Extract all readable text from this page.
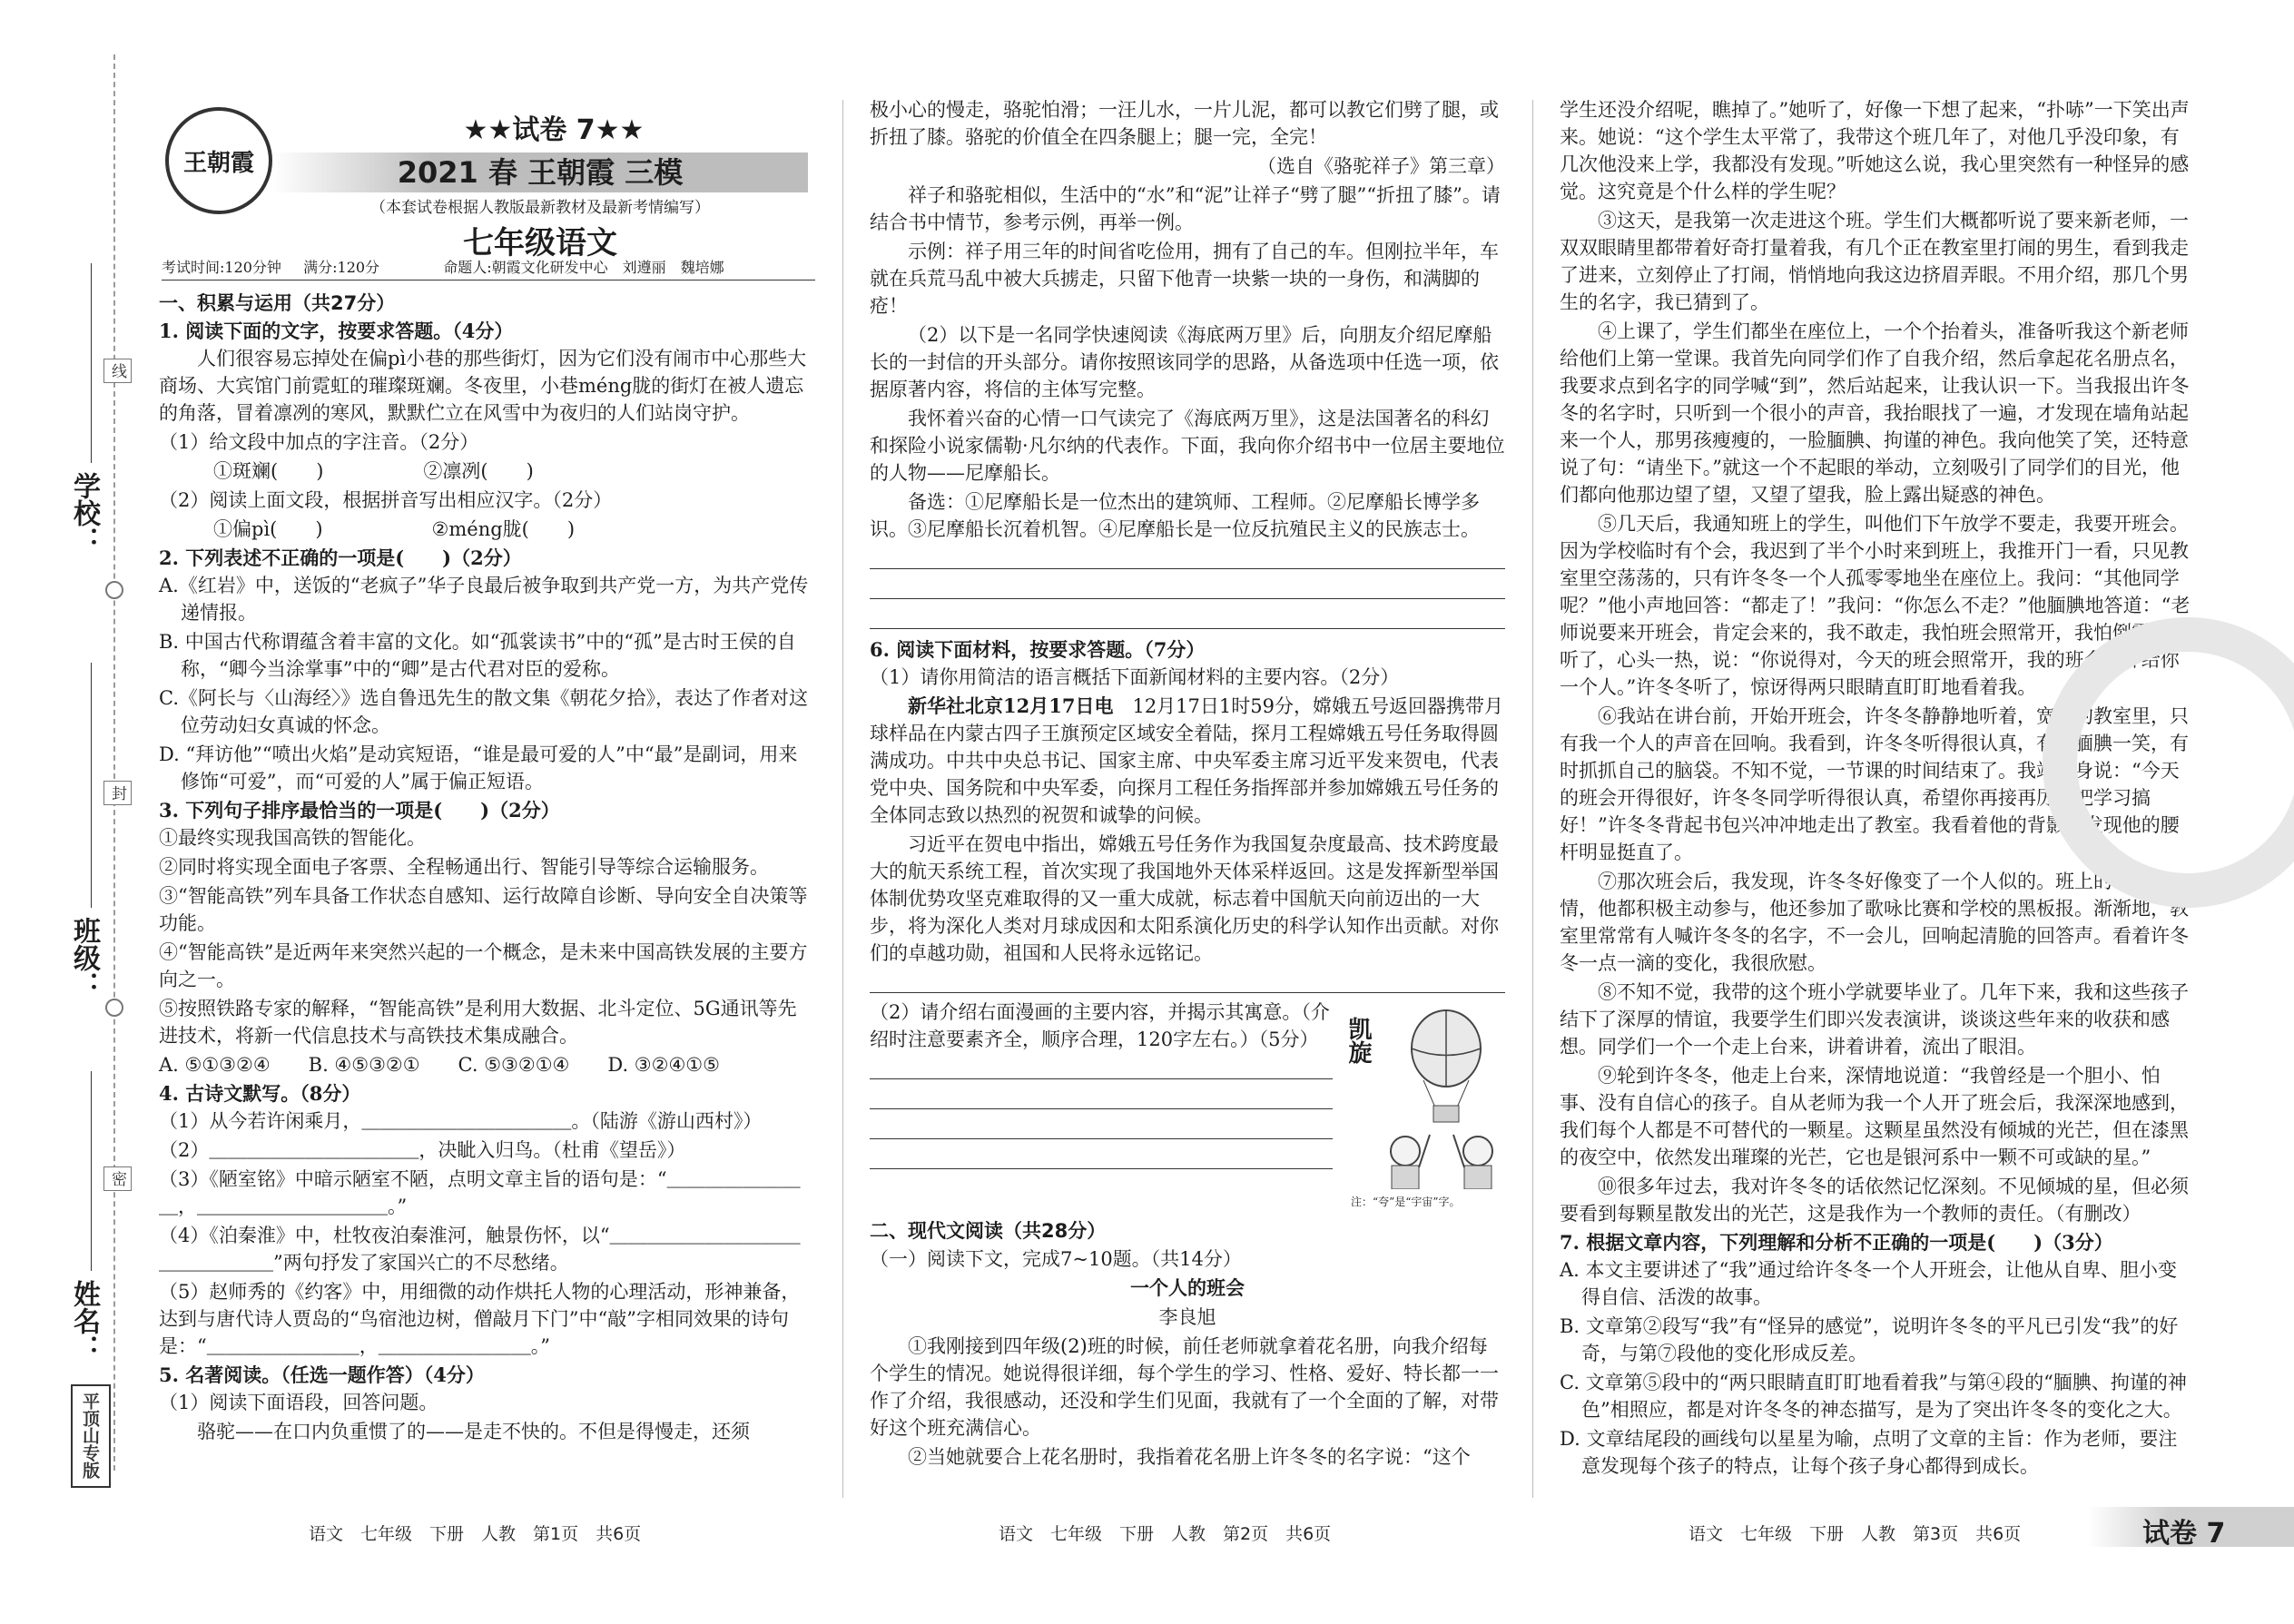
学校：
班级：
姓名：
线
封
密
平顶山专版
王朝霞
★★试卷 7★★
2021 春 王朝霞 三模
（本套试卷根据人教版最新教材及最新考情编写）
七年级语文
考试时间:120分钟 满分:120分	命题人:朝霞文化研发中心　刘遵丽　魏培娜
一、积累与运用（共27分）
1. 阅读下面的文字，按要求答题。（4分）
人们很容易忘掉处在偏pì小巷的那些街灯，因为它们没有闹市中心那些大商场、大宾馆门前霓虹的璀璨斑斓。冬夜里，小巷méng胧的街灯在被人遗忘的角落，冒着凛冽的寒风，默默伫立在风雪中为夜归的人们站岗守护。
（1）给文段中加点的字注音。（2分）
①斑斓(　　)	②凛冽(　　)
（2）阅读上面文段，根据拼音写出相应汉字。（2分）
①偏pì(　　)	②méng胧(　　)
2. 下列表述不正确的一项是(　　)（2分）
A.《红岩》中，送饭的“老疯子”华子良最后被争取到共产党一方，为共产党传递情报。
B. 中国古代称谓蕴含着丰富的文化。如“孤裳读书”中的“孤”是古时王侯的自称，“卿今当涂掌事”中的“卿”是古代君对臣的爱称。
C.《阿长与〈山海经〉》选自鲁迅先生的散文集《朝花夕拾》，表达了作者对这位劳动妇女真诚的怀念。
D. “拜访他”“喷出火焰”是动宾短语，“谁是最可爱的人”中“最”是副词，用来修饰“可爱”，而“可爱的人”属于偏正短语。
3. 下列句子排序最恰当的一项是(　　)（2分）
①最终实现我国高铁的智能化。
②同时将实现全面电子客票、全程畅通出行、智能引导等综合运输服务。
③“智能高铁”列车具备工作状态自感知、运行故障自诊断、导向安全自决策等功能。
④“智能高铁”是近两年来突然兴起的一个概念，是未来中国高铁发展的主要方向之一。
⑤按照铁路专家的解释，“智能高铁”是利用大数据、北斗定位、5G通讯等先进技术，将新一代信息技术与高铁技术集成融合。
A. ⑤①③②④　　B. ④⑤③②①　　C. ⑤③②①④　　D. ③②④①⑤
4. 古诗文默写。（8分）
（1）从今若许闲乘月，＿＿＿＿＿＿＿＿＿＿＿。（陆游《游山西村》）
（2）＿＿＿＿＿＿＿＿＿＿＿，决眦入归鸟。（杜甫《望岳》）
（3）《陋室铭》中暗示陋室不陋，点明文章主旨的语句是：“＿＿＿＿＿＿＿＿，＿＿＿＿＿＿＿＿＿＿。”
（4）《泊秦淮》中，杜牧夜泊秦淮河，触景伤怀，以“＿＿＿＿＿＿＿＿＿＿＿＿＿＿＿＿”两句抒发了家国兴亡的不尽愁绪。
（5）赵师秀的《约客》中，用细微的动作烘托人物的心理活动，形神兼备，达到与唐代诗人贾岛的“鸟宿池边树，僧敲月下门”中“敲”字相同效果的诗句是：“＿＿＿＿＿＿＿＿，＿＿＿＿＿＿＿＿。”
5. 名著阅读。（任选一题作答）（4分）
（1）阅读下面语段，回答问题。
骆驼——在口内负重惯了的——是走不快的。不但是得慢走，还须
极小心的慢走，骆驼怕滑；一汪儿水，一片儿泥，都可以教它们劈了腿，或折扭了膝。骆驼的价值全在四条腿上；腿一完，全完！
（选自《骆驼祥子》第三章）
祥子和骆驼相似，生活中的“水”和“泥”让祥子“劈了腿”“折扭了膝”。请结合书中情节，参考示例，再举一例。
示例：祥子用三年的时间省吃俭用，拥有了自己的车。但刚拉半年，车就在兵荒马乱中被大兵掳走，只留下他青一块紫一块的一身伤，和满脚的疮！
（2）以下是一名同学快速阅读《海底两万里》后，向朋友介绍尼摩船长的一封信的开头部分。请你按照该同学的思路，从备选项中任选一项，依据原著内容，将信的主体写完整。
我怀着兴奋的心情一口气读完了《海底两万里》，这是法国著名的科幻和探险小说家儒勒·凡尔纳的代表作。下面，我向你介绍书中一位居主要地位的人物——尼摩船长。
备选：①尼摩船长是一位杰出的建筑师、工程师。②尼摩船长博学多识。③尼摩船长沉着机智。④尼摩船长是一位反抗殖民主义的民族志士。
6. 阅读下面材料，按要求答题。（7分）
（1）请你用简洁的语言概括下面新闻材料的主要内容。（2分）
新华社北京12月17日电　 12月17日1时59分，嫦娥五号返回器携带月球样品在内蒙古四子王旗预定区域安全着陆，探月工程嫦娥五号任务取得圆满成功。中共中央总书记、国家主席、中央军委主席习近平发来贺电，代表党中央、国务院和中央军委，向探月工程任务指挥部并参加嫦娥五号任务的全体同志致以热烈的祝贺和诚挚的问候。
习近平在贺电中指出，嫦娥五号任务作为我国复杂度最高、技术跨度最大的航天系统工程，首次实现了我国地外天体采样返回。这是发挥新型举国体制优势攻坚克难取得的又一重大成就，标志着中国航天向前迈出的一大步，将为深化人类对月球成因和太阳系演化历史的科学认知作出贡献。对你们的卓越功勋，祖国和人民将永远铭记。
（2）请介绍右面漫画的主要内容，并揭示其寓意。（介绍时注意要素齐全，顺序合理，120字左右。）（5分）	凯旋
注：“夸”是“宇宙”字。
二、现代文阅读（共28分）
（一）阅读下文，完成7~10题。（共14分）
一个人的班会
李良旭
①我刚接到四年级(2)班的时候，前任老师就拿着花名册，向我介绍每个学生的情况。她说得很详细，每个学生的学习、性格、爱好、特长都一一作了介绍，我很感动，还没和学生们见面，我就有了一个全面的了解，对带好这个班充满信心。
②当她就要合上花名册时，我指着花名册上许冬冬的名字说：“这个
学生还没介绍呢，瞧掉了。”她听了，好像一下想了起来，“扑哧”一下笑出声来。她说：“这个学生太平常了，我带这个班几年了，对他几乎没印象，有几次他没来上学，我都没有发现。”听她这么说，我心里突然有一种怪异的感觉。这究竟是个什么样的学生呢？
③这天，是我第一次走进这个班。学生们大概都听说了要来新老师，一双双眼睛里都带着好奇打量着我，有几个正在教室里打闹的男生，看到我走了进来，立刻停止了打闹，悄悄地向我这边挤眉弄眼。不用介绍，那几个男生的名字，我已猜到了。
④上课了，学生们都坐在座位上，一个个抬着头，准备听我这个新老师给他们上第一堂课。我首先向同学们作了自我介绍，然后拿起花名册点名，我要求点到名字的同学喊“到”，然后站起来，让我认识一下。当我报出许冬冬的名字时，只听到一个很小的声音，我抬眼找了一遍，才发现在墙角站起来一个人，那男孩瘦瘦的，一脸腼腆、拘谨的神色。我向他笑了笑，还特意说了句：“请坐下。”就这一个不起眼的举动，立刻吸引了同学们的目光，他们都向他那边望了望，又望了望我，脸上露出疑惑的神色。
⑤几天后，我通知班上的学生，叫他们下午放学不要走，我要开班会。因为学校临时有个会，我迟到了半个小时来到班上，我推开门一看，只见教室里空荡荡的，只有许冬冬一个人孤零零地坐在座位上。我问：“其他同学呢？”他小声地回答：“都走了！”我问：“你怎么不走？”他腼腆地答道：“老师说要来开班会，肯定会来的，我不敢走，我怕班会照常开，我怕倒霉。”我听了，心头一热，说：“你说得对，今天的班会照常开，我的班会就开给你一个人。”许冬冬听了，惊讶得两只眼睛直盯盯地看着我。
⑥我站在讲台前，开始开班会，许冬冬静静地听着，宽敞的教室里，只有我一个人的声音在回响。我看到，许冬冬听得很认真，有时腼腆一笑，有时抓抓自己的脑袋。不知不觉，一节课的时间结束了。我站起身说：“今天的班会开得很好，许冬冬同学听得很认真，希望你再接再厉，把学习搞好！”许冬冬背起书包兴冲冲地走出了教室。我看着他的背影，发现他的腰杆明显挺直了。
⑦那次班会后，我发现，许冬冬好像变了一个人似的。班上的许多事情，他都积极主动参与，他还参加了歌咏比赛和学校的黑板报。渐渐地，教室里常常有人喊许冬冬的名字，不一会儿，回响起清脆的回答声。看着许冬冬一点一滴的变化，我很欣慰。
⑧不知不觉，我带的这个班小学就要毕业了。几年下来，我和这些孩子结下了深厚的情谊，我要学生们即兴发表演讲，谈谈这些年来的收获和感想。同学们一个一个走上台来，讲着讲着，流出了眼泪。
⑨轮到许冬冬，他走上台来，深情地说道：“我曾经是一个胆小、怕事、没有自信心的孩子。自从老师为我一个人开了班会后，我深深地感到，我们每个人都是不可替代的一颗星。这颗星虽然没有倾城的光芒，但在漆黑的夜空中，依然发出璀璨的光芒，它也是银河系中一颗不可或缺的星。”
⑩很多年过去，我对许冬冬的话依然记忆深刻。不见倾城的星，但必须要看到每颗星散发出的光芒，这是我作为一个教师的责任。（有删改）
7. 根据文章内容，下列理解和分析不正确的一项是(　　)（3分）
A. 本文主要讲述了“我”通过给许冬冬一个人开班会，让他从自卑、胆小变得自信、活泼的故事。
B. 文章第②段写“我”有“怪异的感觉”，说明许冬冬的平凡已引发“我”的好奇，与第⑦段他的变化形成反差。
C. 文章第⑤段中的“两只眼睛直盯盯地看着我”与第④段的“腼腆、拘谨的神色”相照应，都是对许冬冬的神态描写，是为了突出许冬冬的变化之大。
D. 文章结尾段的画线句以星星为喻，点明了文章的主旨：作为老师，要注意发现每个孩子的特点，让每个孩子身心都得到成长。
语文　七年级　下册　人教　第1页　共6页	语文　七年级　下册　人教　第2页　共6页	语文　七年级　下册　人教　第3页　共6页	试卷 7
